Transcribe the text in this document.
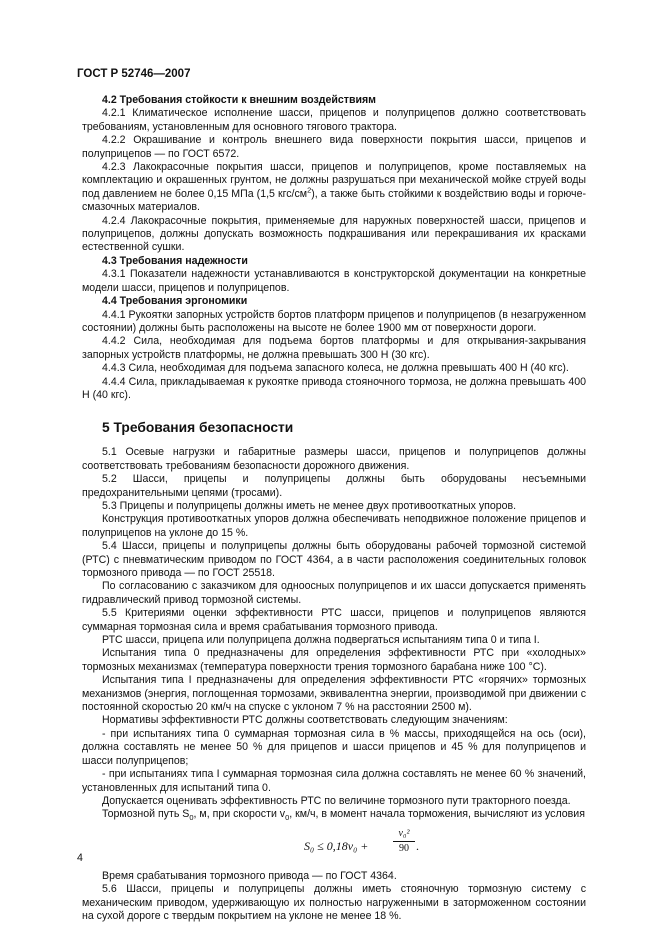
ГОСТ Р 52746—2007

4.2 Требования стойкости к внешним воздействиям

4.2.1 Климатическое исполнение шасси, прицепов и полуприцепов должно соответствовать требованиям, установленным для основного тягового трактора.

4.2.2 Окрашивание и контроль внешнего вида поверхности покрытия шасси, прицепов и полуприцепов — по ГОСТ 6572.

4.2.3 Лакокрасочные покрытия шасси, прицепов и полуприцепов, кроме поставляемых на комплектацию и окрашенных грунтом, не должны разрушаться при механической мойке струей воды под давлением не более 0,15 МПа (1,5 кгс/$см^2$), а также быть стойкими к воздействию воды и горюче-смазочных материалов.

4.2.4 Лакокрасочные покрытия, применяемые для наружных поверхностей шасси, прицепов и полуприцепов, должны допускать возможность подкрашивания или перекрашивания их красками естественной сушки.

4.3 Требования надежности

4.3.1 Показатели надежности устанавливаются в конструкторской документации на конкретные модели шасси, прицепов и полуприцепов.

4.4 Требования эргономики

4.4.1 Рукоятки запорных устройств бортов платформ прицепов и полуприцепов (в незагруженном состоянии) должны быть расположены на высоте не более 1900 мм от поверхности дороги.

4.4.2 Сила, необходимая для подъема бортов платформы и для открывания-закрывания запорных устройств платформы, не должна превышать 300 Н (30 кгс).

4.4.3 Сила, необходимая для подъема запасного колеса, не должна превышать 400 Н (40 кгс).

4.4.4 Сила, прикладываемая к рукоятке привода стояночного тормоза, не должна превышать 400 Н (40 кгс).

5 Требования безопасности

5.1 Осевые нагрузки и габаритные размеры шасси, прицепов и полуприцепов должны соответствовать требованиям безопасности дорожного движения.

5.2 Шасси, прицепы и полуприцепы должны быть оборудованы несъемными предохранительными цепями (тросами).

5.3 Прицепы и полуприцепы должны иметь не менее двух противооткатных упоров.

Конструкция противооткатных упоров должна обеспечивать неподвижное положение прицепов и полуприцепов на уклоне до 15 %.

5.4 Шасси, прицепы и полуприцепы должны быть оборудованы рабочей тормозной системой (РТС) с пневматическим приводом по ГОСТ 4364, а в части расположения соединительных головок тормозного привода — по ГОСТ 25518.

По согласованию с заказчиком для одноосных полуприцепов и их шасси допускается применять гидравлический привод тормозной системы.

5.5 Критериями оценки эффективности РТС шасси, прицепов и полуприцепов являются суммарная тормозная сила и время срабатывания тормозного привода.

РТС шасси, прицепа или полуприцепа должна подвергаться испытаниям типа 0 и типа I.

Испытания типа 0 предназначены для определения эффективности РТС при «холодных» тормозных механизмах (температура поверхности трения тормозного барабана ниже 100 °С).

Испытания типа I предназначены для определения эффективности РТС «горячих» тормозных механизмов (энергия, поглощенная тормозами, эквивалентна энергии, производимой при движении с постоянной скоростью 20 км/ч на спуске с уклоном 7 % на расстоянии 2500 м).

Нормативы эффективности РТС должны соответствовать следующим значениям:

- при испытаниях типа 0 суммарная тормозная сила в % массы, приходящейся на ось (оси), должна составлять не менее 50 % для прицепов и шасси прицепов и 45 % для полуприцепов и шасси полуприцепов;

- при испытаниях типа I суммарная тормозная сила должна составлять не менее 60 % значений, установленных для испытаний типа 0.

Допускается оценивать эффективность РТС по величине тормозного пути тракторного поезда.

Тормозной путь $S_0$, м, при скорости $v_0$, км/ч, в момент начала торможения, вычисляют из условия

S₀ ≤ 0,18v₀ +
v₀²
90 .

Время срабатывания тормозного привода — по ГОСТ 4364.

5.6 Шасси, прицепы и полуприцепы должны иметь стояночную тормозную систему с механическим приводом, удерживающую их полностью нагруженными в заторможенном состоянии на сухой дороге с твердым покрытием на уклоне не менее 18 %.

4
